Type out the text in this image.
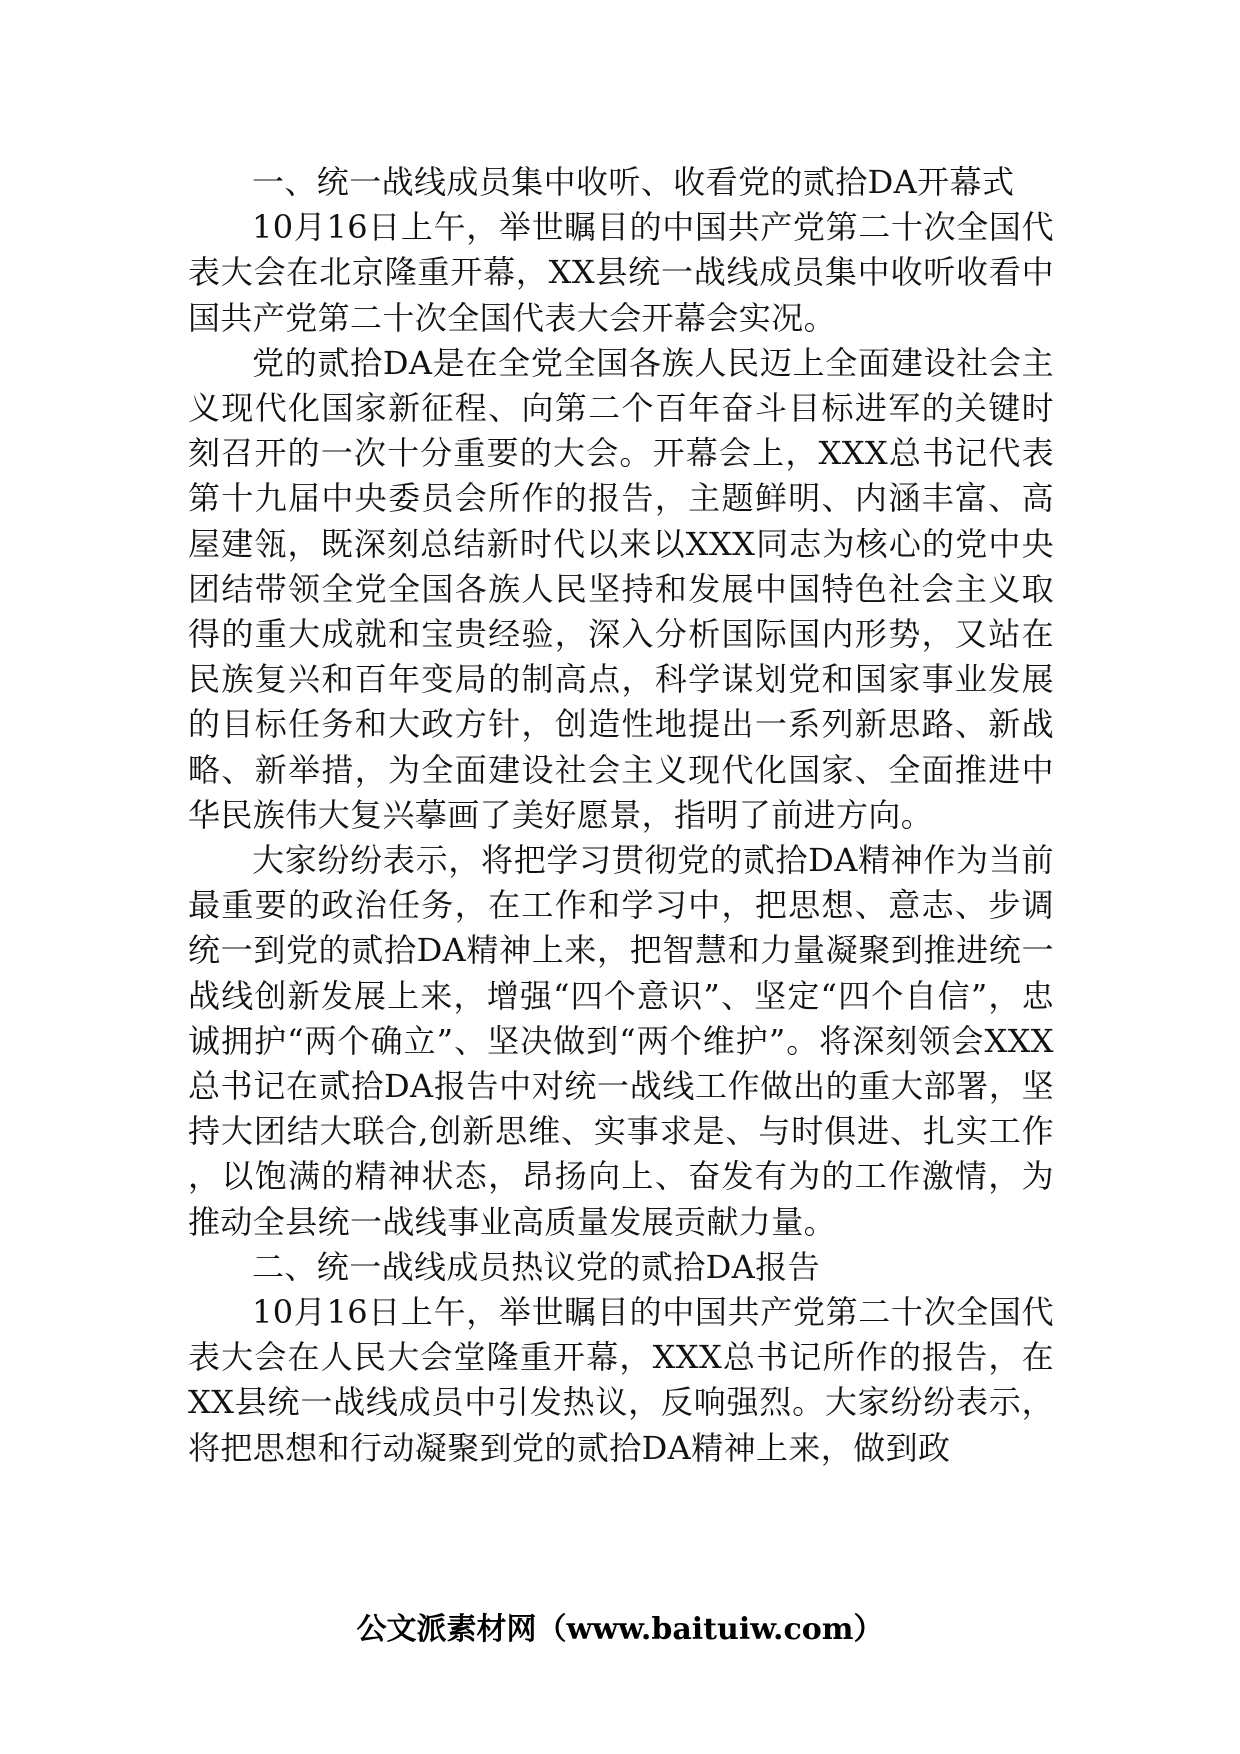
一、统一战线成员集中收听、收看党的贰拾DA开幕式

10月16日上午，举世瞩目的中国共产党第二十次全国代表大会在北京隆重开幕，XX县统一战线成员集中收听收看中国共产党第二十次全国代表大会开幕会实况。

党的贰拾DA是在全党全国各族人民迈上全面建设社会主义现代化国家新征程、向第二个百年奋斗目标进军的关键时刻召开的一次十分重要的大会。开幕会上，XXX总书记代表第十九届中央委员会所作的报告，主题鲜明、内涵丰富、高屋建瓴，既深刻总结新时代以来以XXX同志为核心的党中央团结带领全党全国各族人民坚持和发展中国特色社会主义取得的重大成就和宝贵经验，深入分析国际国内形势，又站在民族复兴和百年变局的制高点，科学谋划党和国家事业发展的目标任务和大政方针，创造性地提出一系列新思路、新战略、新举措，为全面建设社会主义现代化国家、全面推进中华民族伟大复兴摹画了美好愿景，指明了前进方向。

大家纷纷表示，将把学习贯彻党的贰拾DA精神作为当前最重要的政治任务，在工作和学习中，把思想、意志、步调统一到党的贰拾DA精神上来，把智慧和力量凝聚到推进统一战线创新发展上来，增强“四个意识”、坚定“四个自信”，忠诚拥护“两个确立”、坚决做到“两个维护”。将深刻领会XXX总书记在贰拾DA报告中对统一战线工作做出的重大部署，坚持大团结大联合,创新思维、实事求是、与时俱进、扎实工作，以饱满的精神状态，昂扬向上、奋发有为的工作激情，为推动全县统一战线事业高质量发展贡献力量。

二、统一战线成员热议党的贰拾DA报告

10月16日上午，举世瞩目的中国共产党第二十次全国代表大会在人民大会堂隆重开幕，XXX总书记所作的报告，在XX县统一战线成员中引发热议，反响强烈。大家纷纷表示，将把思想和行动凝聚到党的贰拾DA精神上来，做到政

公文派素材网（www.baituiw.com）
